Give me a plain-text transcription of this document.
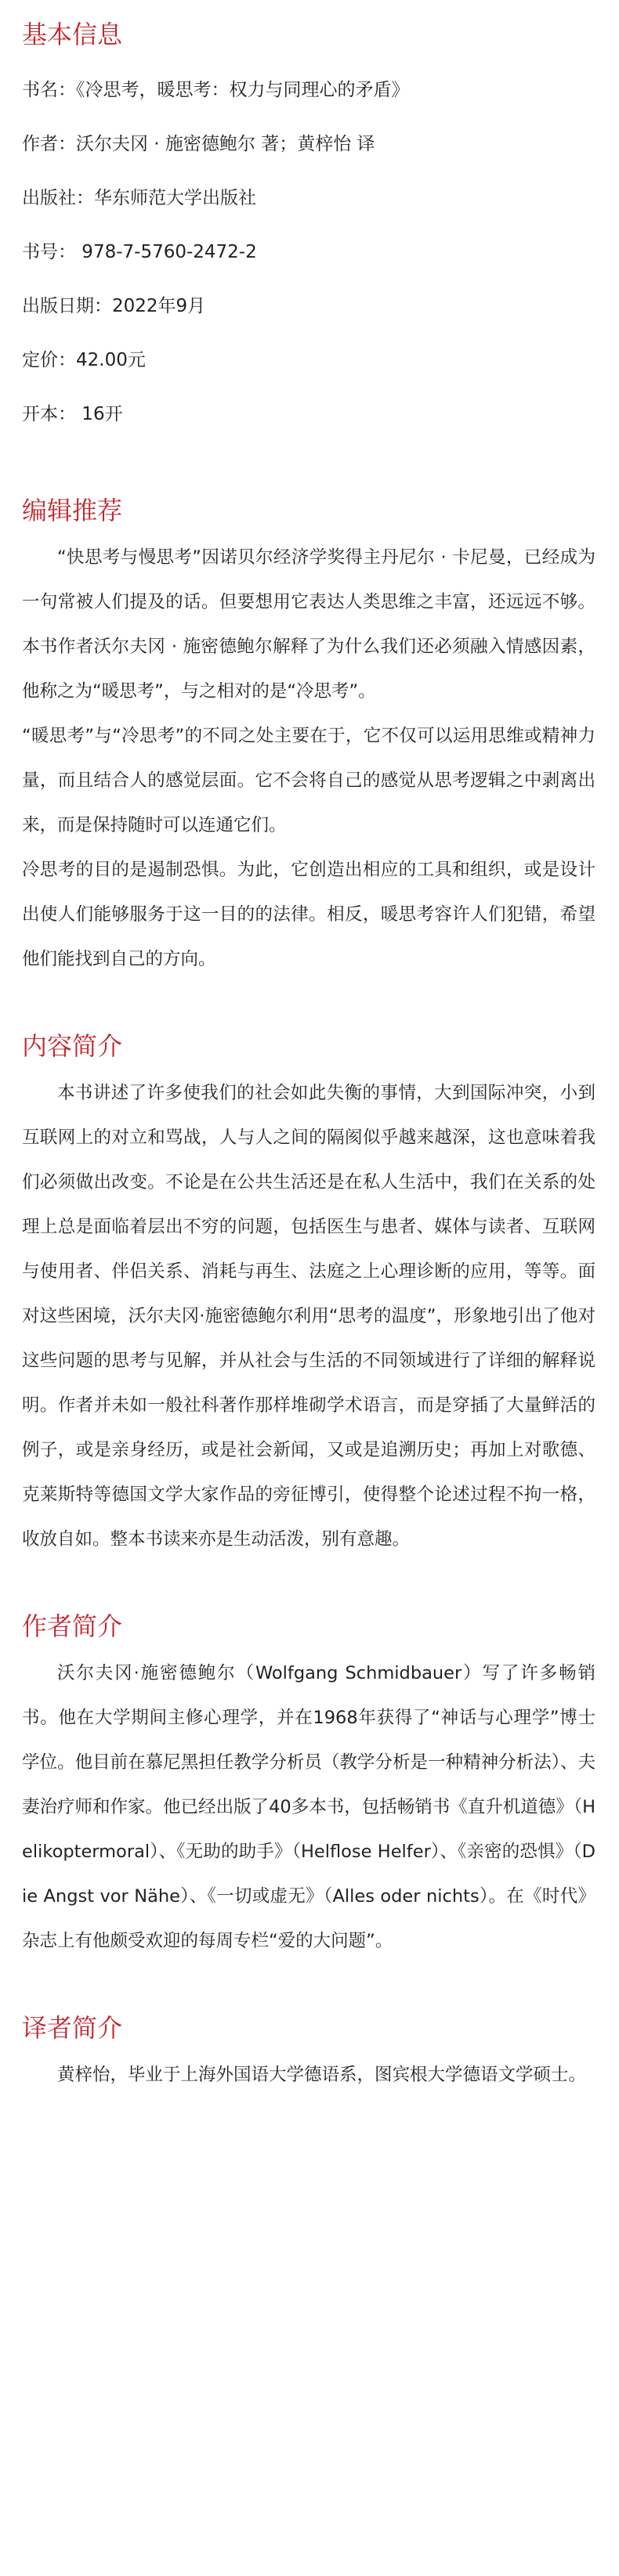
基本信息

书名：《冷思考，暖思考：权力与同理心的矛盾》

作者：沃尔夫冈 · 施密德鲍尔 著；黄梓怡 译

出版社：华东师范大学出版社

书号： 978-7-5760-2472-2

出版日期：2022年9月

定价：42.00元

开本： 16开

编辑推荐

“快思考与慢思考”因诺贝尔经济学奖得主丹尼尔 · 卡尼曼，已经成为一句常被人们提及的话。但要想用它表达人类思维之丰富，还远远不够。本书作者沃尔夫冈 · 施密德鲍尔解释了为什么我们还必须融入情感因素，他称之为“暖思考”，与之相对的是“冷思考”。

“暖思考”与“冷思考”的不同之处主要在于，它不仅可以运用思维或精神力量，而且结合人的感觉层面。它不会将自己的感觉从思考逻辑之中剥离出来，而是保持随时可以连通它们。

冷思考的目的是遏制恐惧。为此，它创造出相应的工具和组织，或是设计出使人们能够服务于这一目的的法律。相反，暖思考容许人们犯错，希望他们能找到自己的方向。

内容简介

本书讲述了许多使我们的社会如此失衡的事情，大到国际冲突，小到互联网上的对立和骂战，人与人之间的隔阂似乎越来越深，这也意味着我们必须做出改变。不论是在公共生活还是在私人生活中，我们在关系的处理上总是面临着层出不穷的问题，包括医生与患者、媒体与读者、互联网与使用者、伴侣关系、消耗与再生、法庭之上心理诊断的应用，等等。面对这些困境，沃尔夫冈·施密德鲍尔利用“思考的温度”，形象地引出了他对这些问题的思考与见解，并从社会与生活的不同领域进行了详细的解释说明。作者并未如一般社科著作那样堆砌学术语言，而是穿插了大量鲜活的例子，或是亲身经历，或是社会新闻，又或是追溯历史；再加上对歌德、克莱斯特等德国文学大家作品的旁征博引，使得整个论述过程不拘一格，收放自如。整本书读来亦是生动活泼，别有意趣。

作者简介

沃尔夫冈·施密德鲍尔（Wolfgang Schmidbauer）写了许多畅销书。他在大学期间主修心理学，并在1968年获得了“神话与心理学”博士学位。他目前在慕尼黑担任教学分析员（教学分析是一种精神分析法）、夫妻治疗师和作家。他已经出版了40多本书，包括畅销书《直升机道德》（Helikoptermoral）、《无助的助手》（Helflose Helfer）、《亲密的恐惧》（Die Angst vor Nähe）、《一切或虚无》（Alles oder nichts）。在《时代》杂志上有他颇受欢迎的每周专栏“爱的大问题”。

译者简介

黄梓怡，毕业于上海外国语大学德语系，图宾根大学德语文学硕士。
